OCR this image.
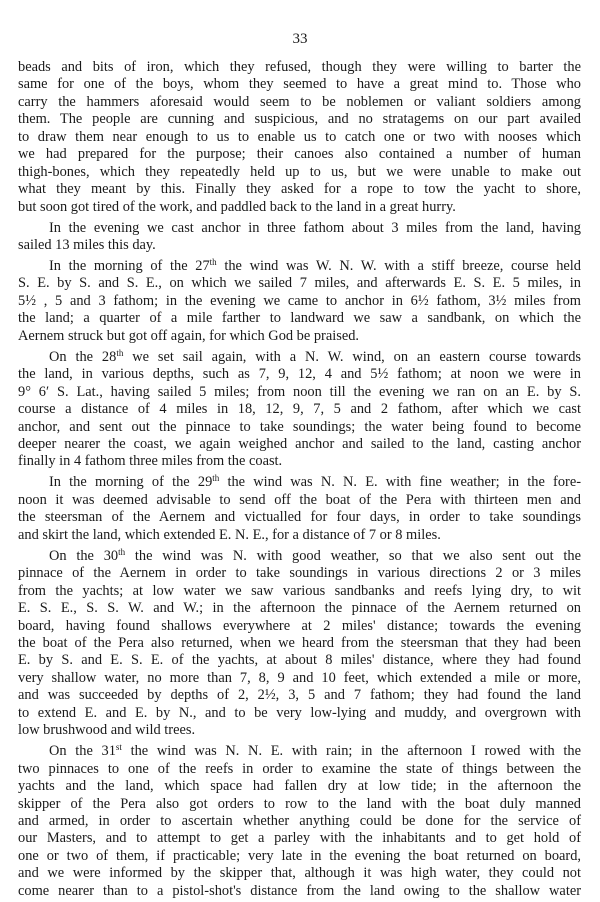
33
beads and bits of iron, which they refused, though they were willing to barter the
same for one of the boys, whom they seemed to have a great mind to. Those who
carry the hammers aforesaid would seem to be noblemen or valiant soldiers among
them. The people are cunning and suspicious, and no stratagems on our part availed
to draw them near enough to us to enable us to catch one or two with nooses which
we had prepared for the purpose; their canoes also contained a number of human
thigh-bones, which they repeatedly held up to us, but we were unable to make out
what they meant by this. Finally they asked for a rope to tow the yacht to shore,
but soon got tired of the work, and paddled back to the land in a great hurry.
In the evening we cast anchor in three fathom about 3 miles from the land, having
sailed 13 miles this day.
In the morning of the 27th the wind was W. N. W. with a stiff breeze, course held
S. E. by S. and S. E., on which we sailed 7 miles, and afterwards E. S. E. 5 miles, in
5½ , 5 and 3 fathom; in the evening we came to anchor in 6½ fathom, 3½ miles from
the land; a quarter of a mile farther to landward we saw a sandbank, on which the
Aernem struck but got off again, for which God be praised.
On the 28th we set sail again, with a N. W. wind, on an eastern course towards
the land, in various depths, such as 7, 9, 12, 4 and 5½ fathom; at noon we were in
9° 6′ S. Lat., having sailed 5 miles; from noon till the evening we ran on an E. by S.
course a distance of 4 miles in 18, 12, 9, 7, 5 and 2 fathom, after which we cast
anchor, and sent out the pinnace to take soundings; the water being found to become
deeper nearer the coast, we again weighed anchor and sailed to the land, casting anchor
finally in 4 fathom three miles from the coast.
In the morning of the 29th the wind was N. N. E. with fine weather; in the fore-
noon it was deemed advisable to send off the boat of the Pera with thirteen men and
the steersman of the Aernem and victualled for four days, in order to take soundings
and skirt the land, which extended E. N. E., for a distance of 7 or 8 miles.
On the 30th the wind was N. with good weather, so that we also sent out the
pinnace of the Aernem in order to take soundings in various directions 2 or 3 miles
from the yachts; at low water we saw various sandbanks and reefs lying dry, to wit
E. S. E., S. S. W. and W.; in the afternoon the pinnace of the Aernem returned on
board, having found shallows everywhere at 2 miles' distance; towards the evening
the boat of the Pera also returned, when we heard from the steersman that they had been
E. by S. and E. S. E. of the yachts, at about 8 miles' distance, where they had found
very shallow water, no more than 7, 8, 9 and 10 feet, which extended a mile or more,
and was succeeded by depths of 2, 2½, 3, 5 and 7 fathom; they had found the land
to extend E. and E. by N., and to be very low-lying and muddy, and overgrown with
low brushwood and wild trees.
On the 31st the wind was N. N. E. with rain; in the afternoon I rowed with the
two pinnaces to one of the reefs in order to examine the state of things between the
yachts and the land, which space had fallen dry at low tide; in the afternoon the
skipper of the Pera also got orders to row to the land with the boat duly manned
and armed, in order to ascertain whether anything could be done for the service of
our Masters, and to attempt to get a parley with the inhabitants and to get hold of
one or two of them, if practicable; very late in the evening the boat returned on board,
and we were informed by the skipper that, although it was high water, they could not
come nearer than to a pistol-shot's distance from the land owing to the shallow water
